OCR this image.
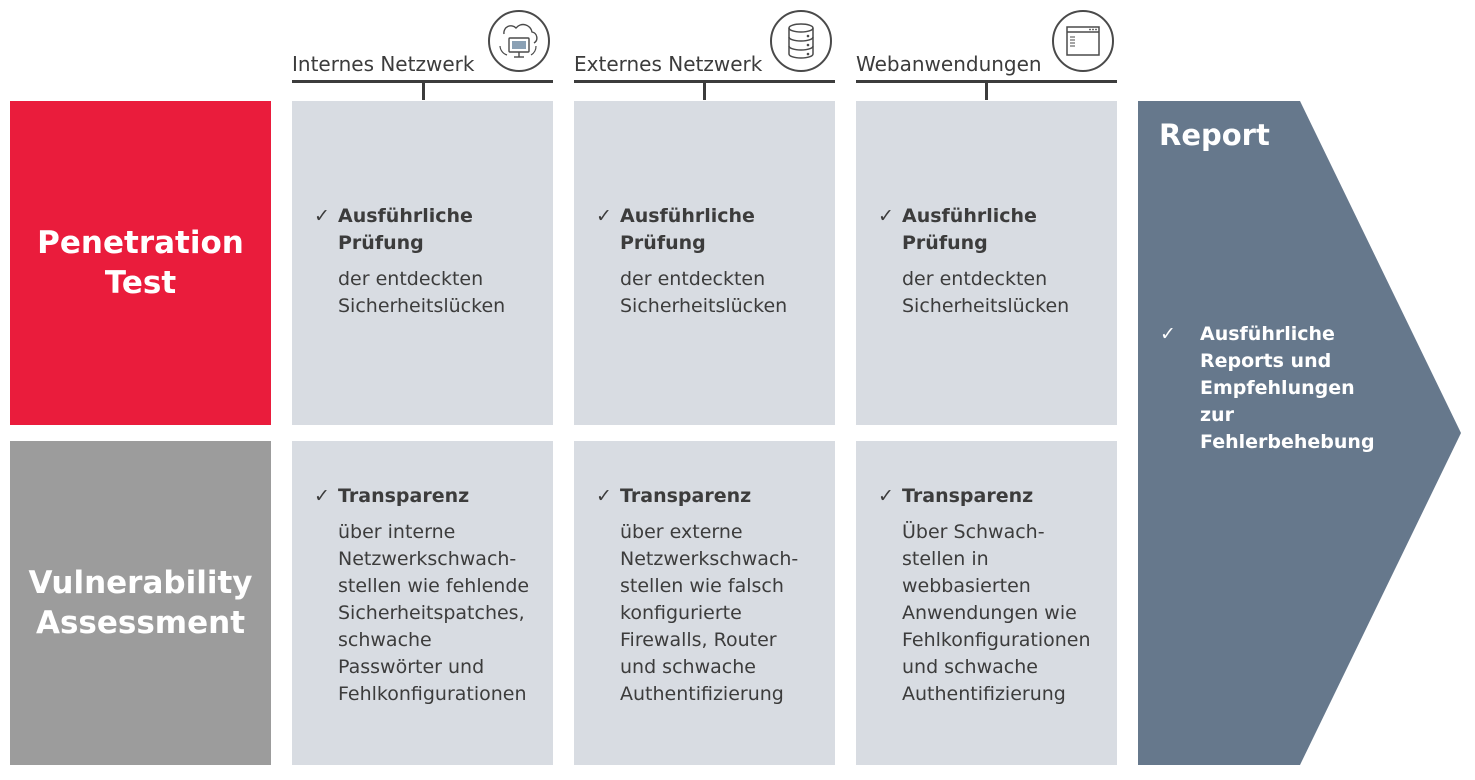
Penetration
Test
Vulnerability
Assessment
Internes Netzwerk	Externes Netzwerk	Webanwendungen
✓ Ausführliche
Prüfung
der entdeckten
Sicherheitslücken
✓ Ausführliche
Prüfung
der entdeckten
Sicherheitslücken
✓ Ausführliche
Prüfung
der entdeckten
Sicherheitslücken
✓ Transparenz
über interne
Netzwerkschwach-
stellen wie fehlende
Sicherheitspatches,
schwache
Passwörter und
Fehlkonfigurationen
✓ Transparenz
über externe
Netzwerkschwach-
stellen wie falsch
konfigurierte
Firewalls, Router
und schwache
Authentifizierung
✓ Transparenz
Über Schwach-
stellen in
webbasierten
Anwendungen wie
Fehlkonfigurationen
und schwache
Authentifizierung
Report
✓	Ausführliche
Reports und
Empfehlungen
zur
Fehlerbehebung
